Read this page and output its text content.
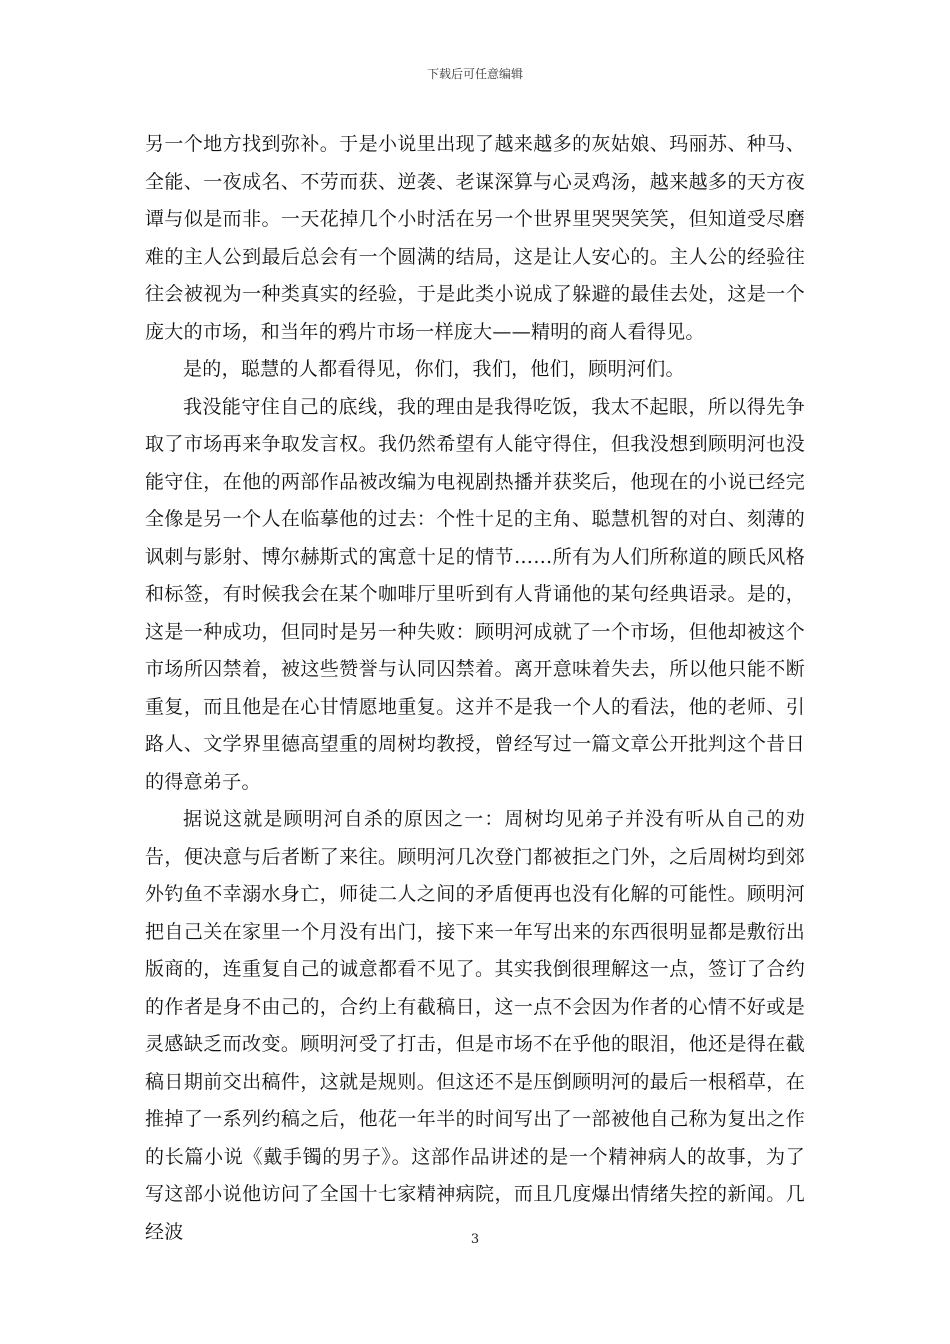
下载后可任意编辑

另一个地方找到弥补。于是小说里出现了越来越多的灰姑娘、玛丽苏、种马、全能、一夜成名、不劳而获、逆袭、老谋深算与心灵鸡汤，越来越多的天方夜谭与似是而非。一天花掉几个小时活在另一个世界里哭哭笑笑，但知道受尽磨难的主人公到最后总会有一个圆满的结局，这是让人安心的。主人公的经验往往会被视为一种类真实的经验，于是此类小说成了躲避的最佳去处，这是一个庞大的市场，和当年的鸦片市场一样庞大——精明的商人看得见。

是的，聪慧的人都看得见，你们，我们，他们，顾明河们。

我没能守住自己的底线，我的理由是我得吃饭，我太不起眼，所以得先争取了市场再来争取发言权。我仍然希望有人能守得住，但我没想到顾明河也没能守住，在他的两部作品被改编为电视剧热播并获奖后，他现在的小说已经完全像是另一个人在临摹他的过去：个性十足的主角、聪慧机智的对白、刻薄的讽刺与影射、博尔赫斯式的寓意十足的情节……所有为人们所称道的顾氏风格和标签，有时候我会在某个咖啡厅里听到有人背诵他的某句经典语录。是的，这是一种成功，但同时是另一种失败：顾明河成就了一个市场，但他却被这个市场所囚禁着，被这些赞誉与认同囚禁着。离开意味着失去，所以他只能不断重复，而且他是在心甘情愿地重复。这并不是我一个人的看法，他的老师、引路人、文学界里德高望重的周树均教授，曾经写过一篇文章公开批判这个昔日的得意弟子。

据说这就是顾明河自杀的原因之一：周树均见弟子并没有听从自己的劝告，便决意与后者断了来往。顾明河几次登门都被拒之门外，之后周树均到郊外钓鱼不幸溺水身亡，师徒二人之间的矛盾便再也没有化解的可能性。顾明河把自己关在家里一个月没有出门，接下来一年写出来的东西很明显都是敷衍出版商的，连重复自己的诚意都看不见了。其实我倒很理解这一点，签订了合约的作者是身不由己的，合约上有截稿日，这一点不会因为作者的心情不好或是灵感缺乏而改变。顾明河受了打击，但是市场不在乎他的眼泪，他还是得在截稿日期前交出稿件，这就是规则。但这还不是压倒顾明河的最后一根稻草，在推掉了一系列约稿之后，他花一年半的时间写出了一部被他自己称为复出之作的长篇小说《戴手镯的男子》。这部作品讲述的是一个精神病人的故事，为了写这部小说他访问了全国十七家精神病院，而且几度爆出情绪失控的新闻。几经波	3
